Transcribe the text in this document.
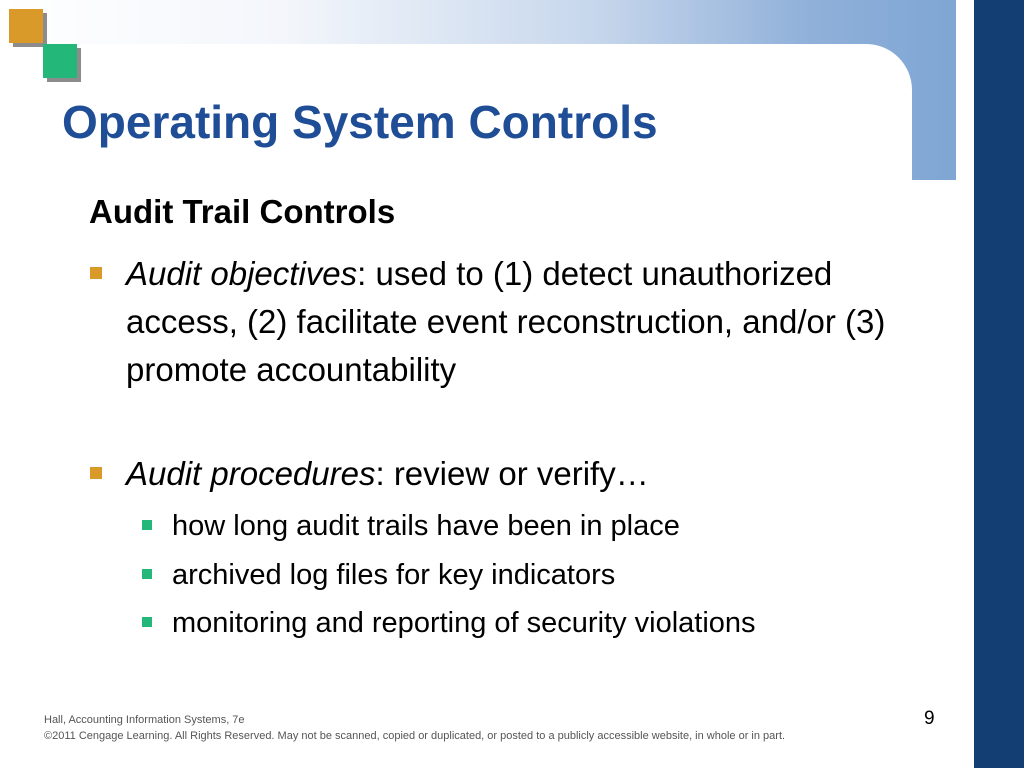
Operating System Controls
Audit Trail Controls
Audit objectives: used to (1) detect unauthorized access, (2) facilitate event reconstruction, and/or (3) promote accountability
Audit procedures: review or verify…
how long audit trails have been in place
archived log files for key indicators
monitoring and reporting of security violations
Hall, Accounting Information Systems, 7e
©2011 Cengage Learning. All Rights Reserved. May not be scanned, copied or duplicated, or posted to a publicly accessible website, in whole or in part.
9
